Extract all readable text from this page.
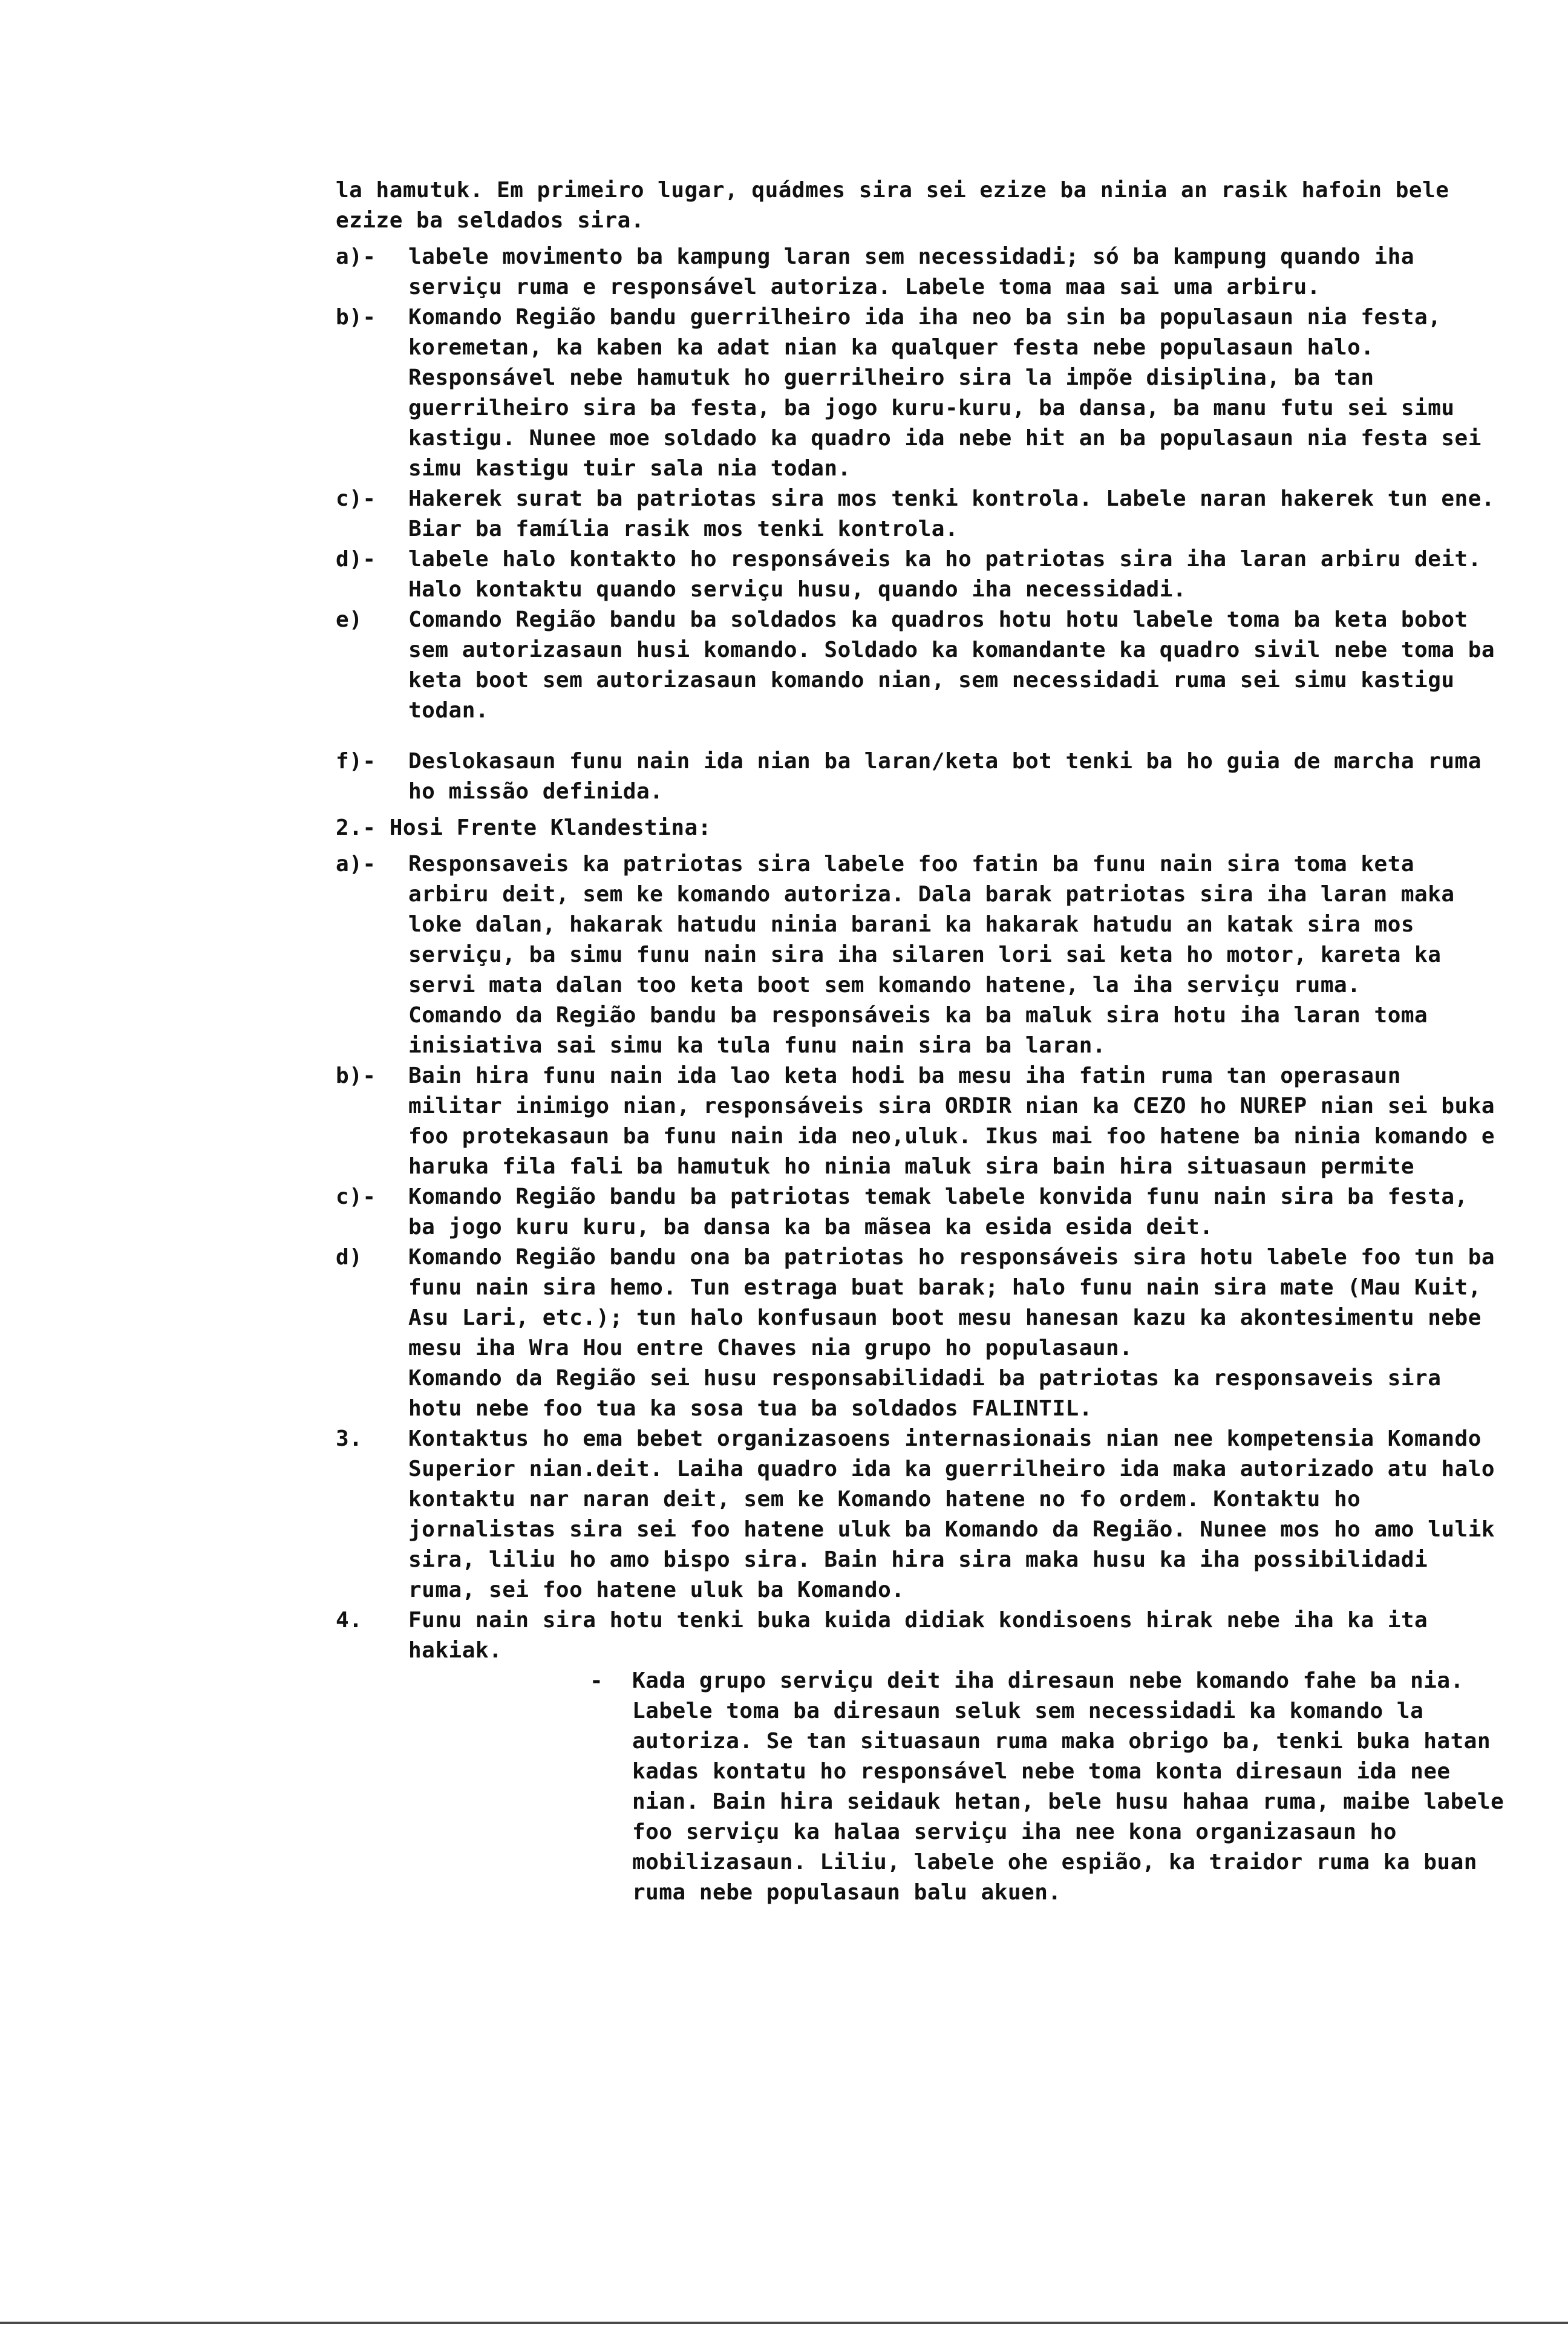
la hamutuk. Em primeiro lugar, quádmes sira sei ezize ba ninia an rasik hafoin bele ezize ba seldados sira.

a)-	labele movimento ba kampung laran sem necessidadi; só ba kampung quando iha serviçu ruma e responsável autoriza. Labele toma maa sai uma arbiru.

b)-	Komando Região bandu guerrilheiro ida iha neo ba sin ba populasaun nia festa, koremetan, ka kaben ka adat nian ka qualquer festa nebe populasaun halo. Responsável nebe hamutuk ho guerrilheiro sira la impõe disiplina, ba tan guerrilheiro sira ba festa, ba jogo kuru-kuru, ba dansa, ba manu futu sei simu kastigu. Nunee moe soldado ka quadro ida nebe hit an ba populasaun nia festa sei simu kastigu tuir sala nia todan.

c)-	Hakerek surat ba patriotas sira mos tenki kontrola. Labele naran hakerek tun ene. Biar ba família rasik mos tenki kontrola.

d)-	labele halo kontakto ho responsáveis ka ho patriotas sira iha laran arbiru deit. Halo kontaktu quando serviçu husu, quando iha necessidadi.

e)	Comando Região bandu ba soldados ka quadros hotu hotu labele toma ba keta bobot sem autorizasaun husi komando. Soldado ka komandante ka quadro sivil nebe toma ba keta boot sem autorizasaun komando nian, sem necessidadi ruma sei simu kastigu todan.

f)-	Deslokasaun funu nain ida nian ba laran/keta bot tenki ba ho guia de marcha ruma ho missão definida.

2.- Hosi Frente Klandestina:

a)-	Responsaveis ka patriotas sira labele foo fatin ba funu nain sira toma keta arbiru deit, sem ke komando autoriza. Dala barak patriotas sira iha laran maka loke dalan, hakarak hatudu ninia barani ka hakarak hatudu an katak sira mos serviçu, ba simu funu nain sira iha silaren lori sai keta ho motor, kareta ka servi mata dalan too keta boot sem komando hatene, la iha serviçu ruma.

Comando da Região bandu ba responsáveis ka ba maluk sira hotu iha laran toma inisiativa sai simu ka tula funu nain sira ba laran.

b)-	Bain hira funu nain ida lao keta hodi ba mesu iha fatin ruma tan operasaun militar inimigo nian, responsáveis sira ORDIR nian ka CEZO ho NUREP nian sei buka foo protekasaun ba funu nain ida neo,uluk. Ikus mai foo hatene ba ninia komando e haruka fila fali ba hamutuk ho ninia maluk sira bain hira situasaun permite

c)-	Komando Região bandu ba patriotas temak labele konvida funu nain sira ba festa, ba jogo kuru kuru, ba dansa ka ba mãsea ka esida esida deit.

d)	Komando Região bandu ona ba patriotas ho responsáveis sira hotu labele foo tun ba funu nain sira hemo. Tun estraga buat barak; halo funu nain sira mate (Mau Kuit, Asu Lari, etc.); tun halo konfusaun boot mesu hanesan kazu ka akontesimentu nebe mesu iha Wra Hou entre Chaves nia grupo ho populasaun.

Komando da Região sei husu responsabilidadi ba patriotas ka responsaveis sira hotu nebe foo tua ka sosa tua ba soldados FALINTIL.

3.	Kontaktus ho ema bebet organizasoens internasionais nian nee kompetensia Komando Superior nian.deit. Laiha quadro ida ka guerrilheiro ida maka autorizado atu halo kontaktu nar naran deit, sem ke Komando hatene no fo ordem. Kontaktu ho jornalistas sira sei foo hatene uluk ba Komando da Região. Nunee mos ho amo lulik sira, liliu ho amo bispo sira. Bain hira sira maka husu ka iha possibilidadi ruma, sei foo hatene uluk ba Komando.

4.	Funu nain sira hotu tenki buka kuida didiak kondisoens hirak nebe iha ka ita hakiak.

-	Kada grupo serviçu deit iha diresaun nebe komando fahe ba nia. Labele toma ba diresaun seluk sem necessidadi ka komando la autoriza. Se tan situasaun ruma maka obrigo ba, tenki buka hatan kadas kontatu ho responsável nebe toma konta diresaun ida nee nian. Bain hira seidauk hetan, bele husu hahaa ruma, maibe labele foo serviçu ka halaa serviçu iha nee kona organizasaun ho mobilizasaun. Liliu, labele ohe espião, ka traidor ruma ka buan ruma nebe populasaun balu akuen.
